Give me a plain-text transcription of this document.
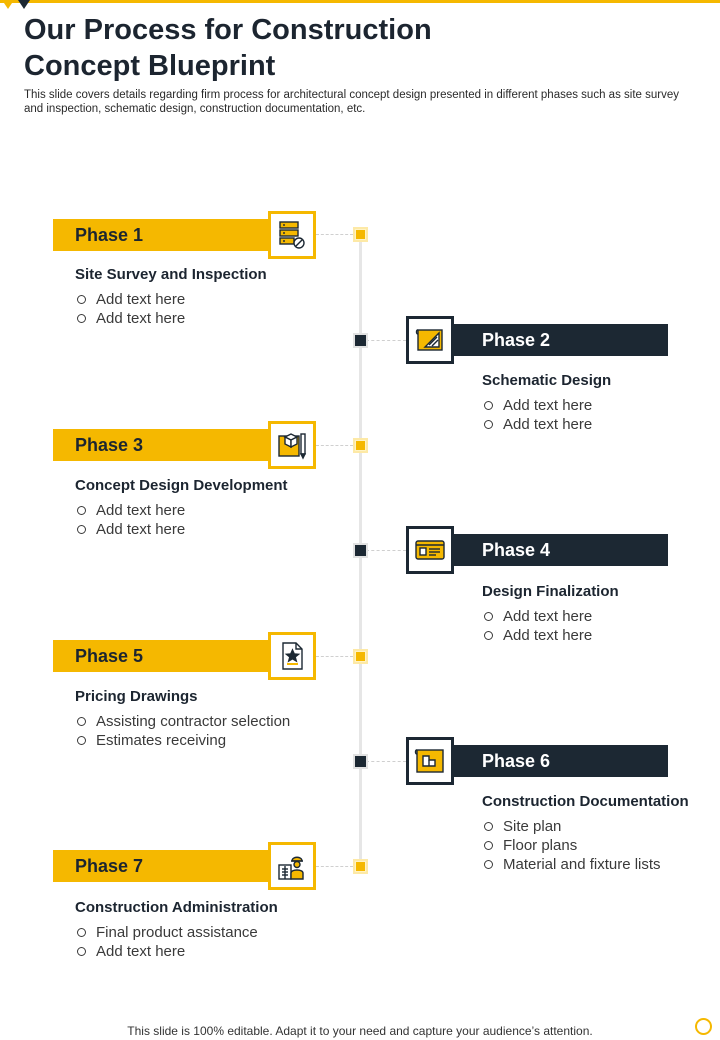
Our Process for Construction
Concept Blueprint

This slide covers details regarding firm process for architectural concept design presented in different phases such as site survey and inspection, schematic design, construction documentation, etc.

Phase 1
Site Survey and Inspection
Add text here
Add text here
Phase 2
Schematic Design
Add text here
Add text here
Phase 3
Concept Design Development
Add text here
Add text here
Phase 4
Design Finalization
Add text here
Add text here
Phase 5
Pricing Drawings
Assisting contractor selection
Estimates receiving
Phase 6
Construction Documentation
Site plan
Floor plans
Material and fixture lists
Phase 7
Construction Administration
Final product assistance
Add text here
This slide is 100% editable. Adapt it to your need and capture your audience’s attention.
